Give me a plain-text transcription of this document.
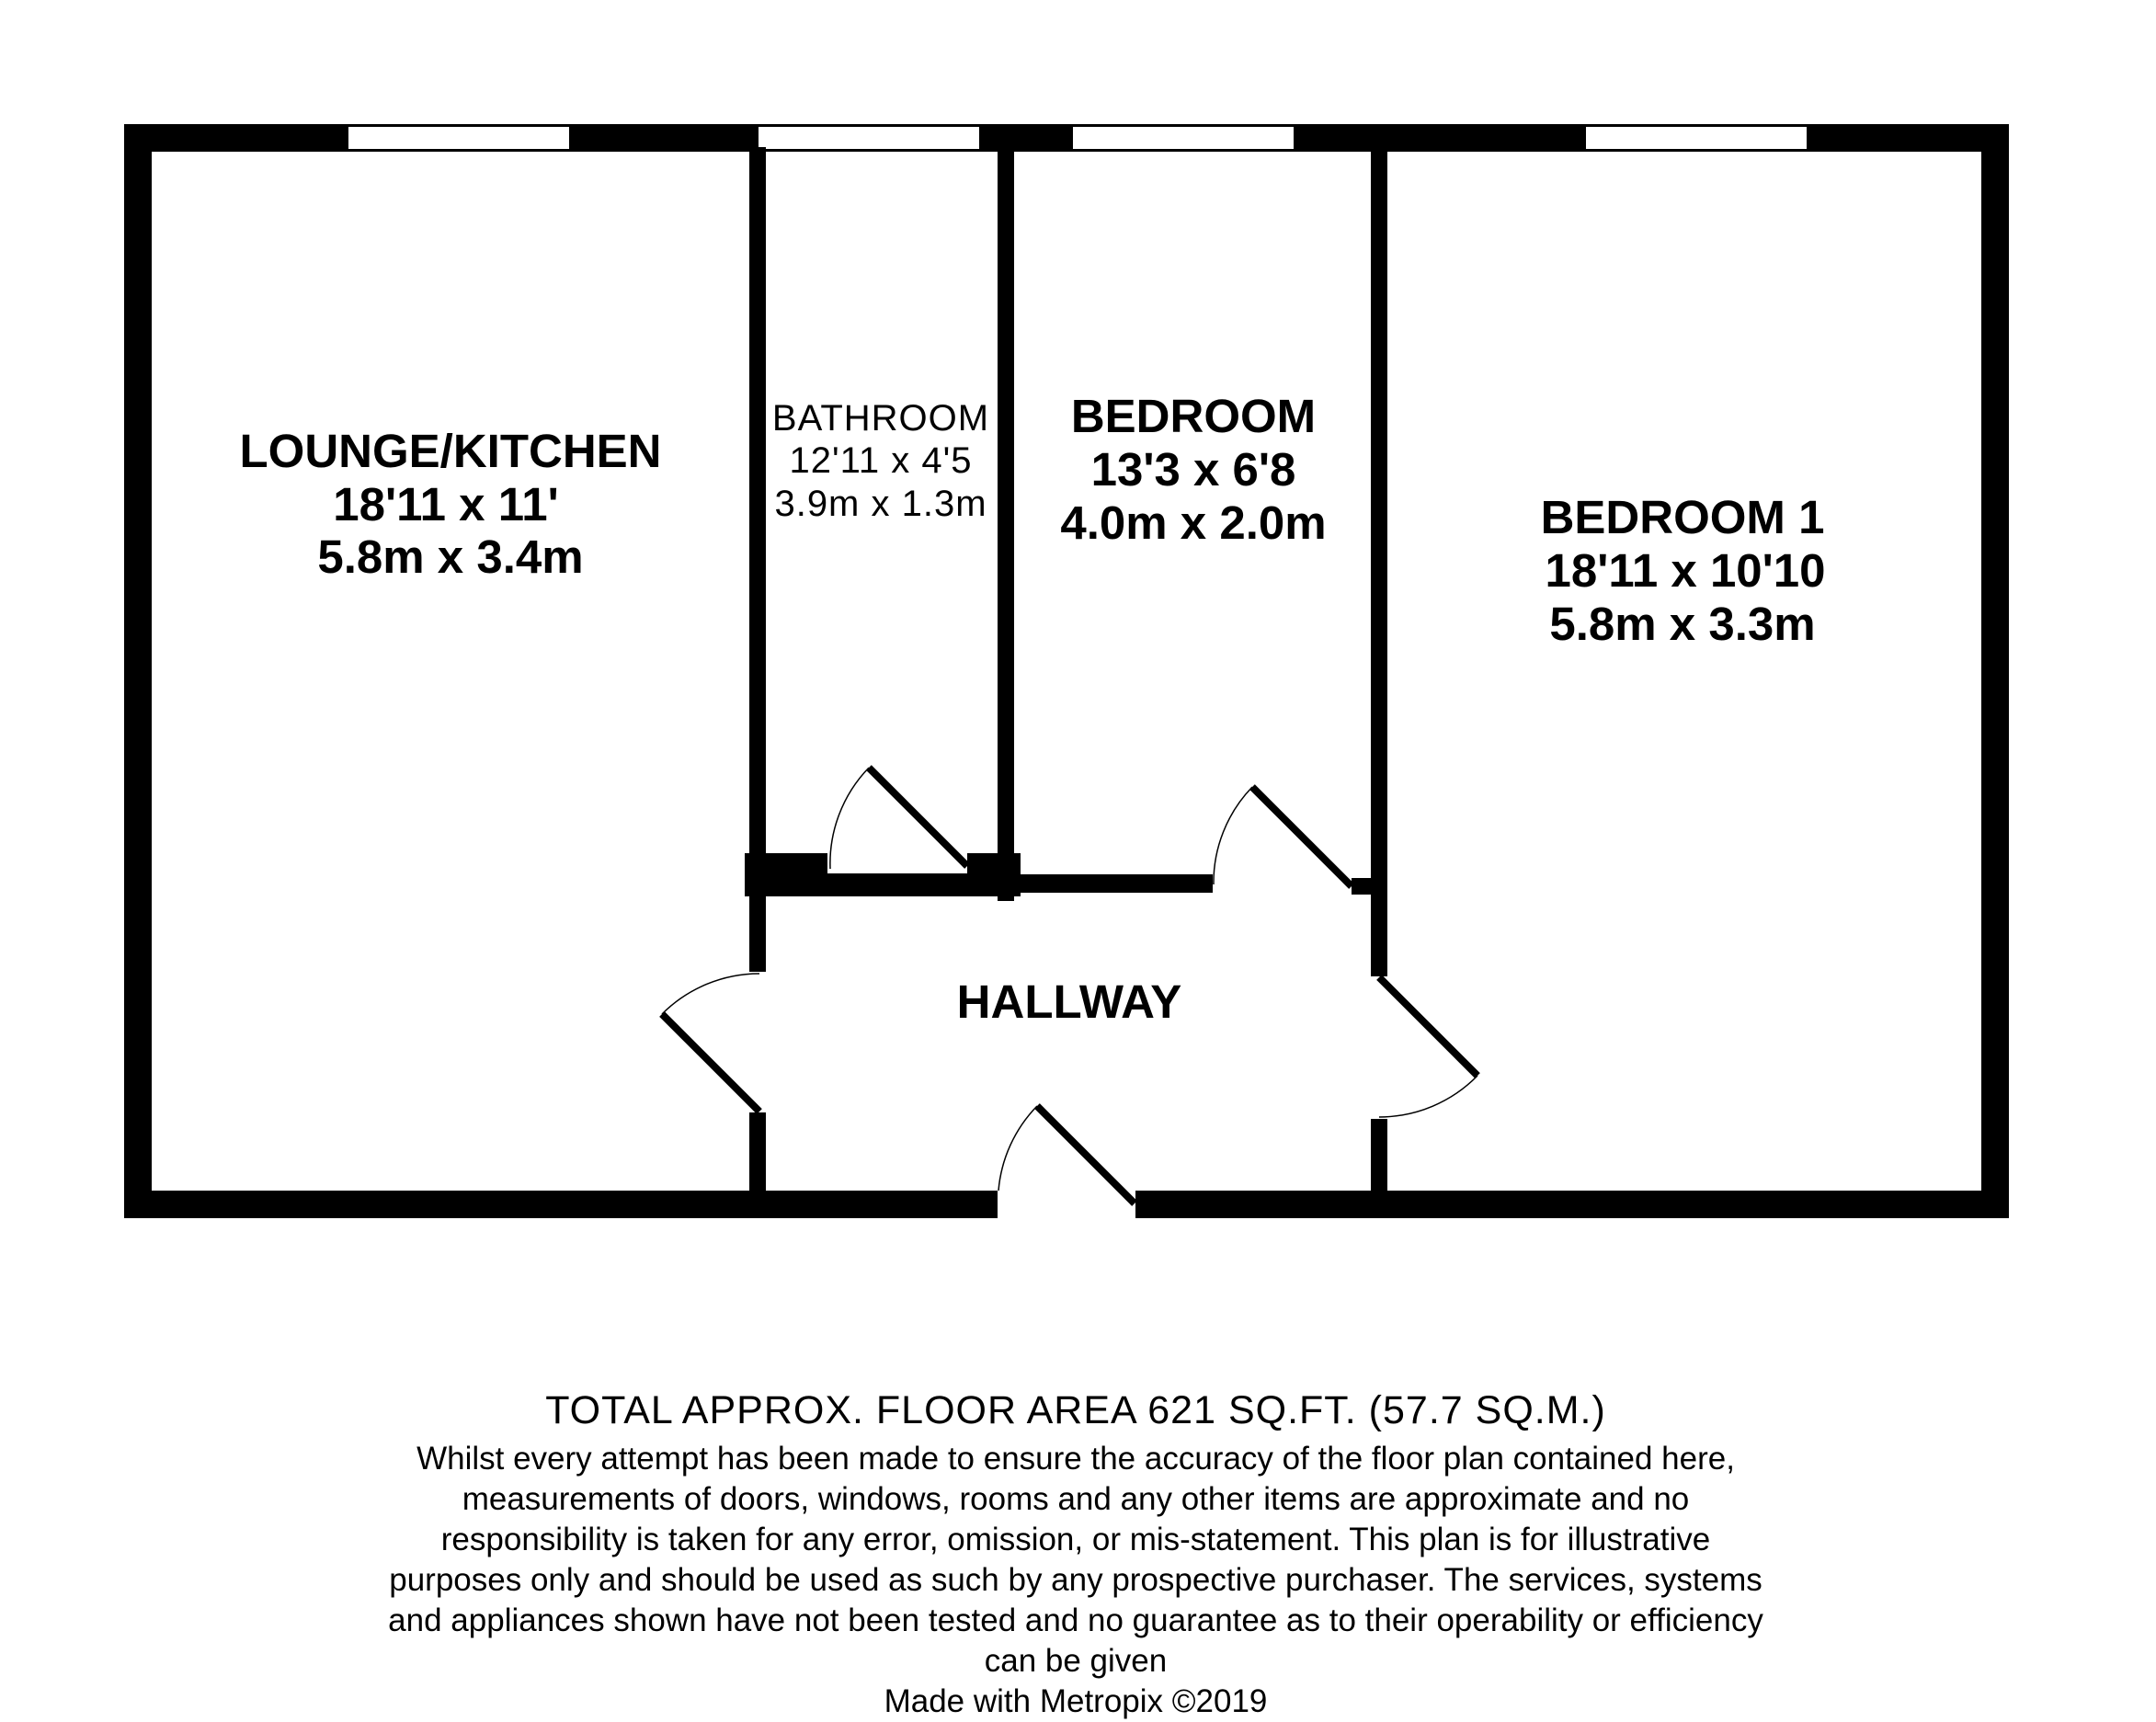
LOUNGE/KITCHEN
18'11 x 11'
5.8m x 3.4m
BATHROOM
12'11 x 4'5
3.9m x 1.3m
BEDROOM
13'3 x 6'8
4.0m x 2.0m	BEDROOM 1
18'11 x 10'10
5.8m x 3.3m
HALLWAY
TOTAL APPROX. FLOOR AREA 621 SQ.FT. (57.7 SQ.M.)
Whilst every attempt has been made to ensure the accuracy of the floor plan contained here, measurements of doors, windows, rooms and any other items are approximate and no responsibility is taken for any error, omission, or mis-statement. This plan is for illustrative purposes only and should be used as such by any prospective purchaser. The services, systems and appliances shown have not been tested and no guarantee as to their operability or efficiency can be given
Made with Metropix ©2019
